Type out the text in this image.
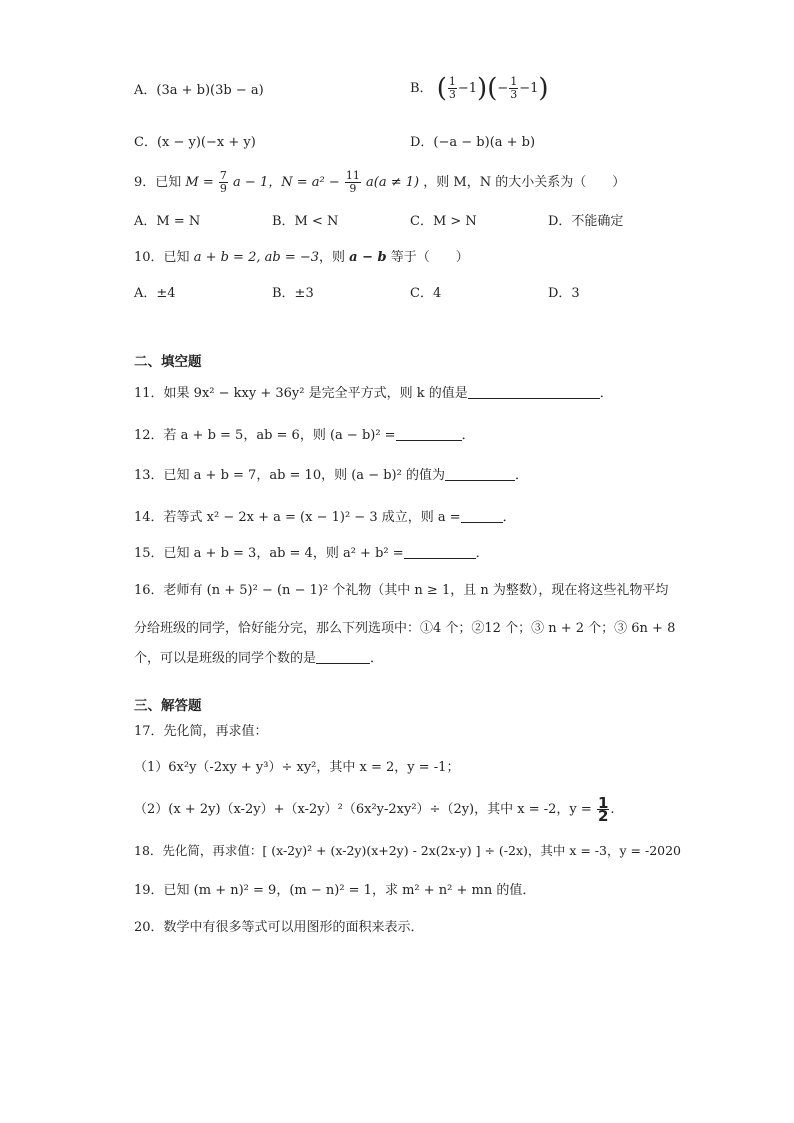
A．(3a + b)(3b − a)	B． ( $\frac{1}{3} -1)(- \frac{1}{3} -1)$
C．(x − y)(−x + y)	D．(−a − b)(a + b)
9．已知 $M = \frac{7}{9}$ a − 1，$N = a^2 - \frac{11}{9} a(a \ne 1)$ ，则 M，N 的大小关系为（　　）
A．M = N	B．M < N	C．M > N	D．不能确定
10．已知 a + b = 2, ab = −3，则 a − b 等于（　　）
A．±4	B．±3	C．4	D．3
二、填空题
11．如果 9x² − kxy + 36y² 是完全平方式，则 k 的值是	．
12．若 a + b = 5，ab = 6，则 (a − b)² =	．
13．已知 a + b = 7，ab = 10，则 (a − b)² 的值为	．
14．若等式 x² − 2x + a = (x − 1)² − 3 成立，则 a =	．
15．已知 a + b = 3，ab = 4，则 a² + b² =	．
16．老师有 (n + 5)² − (n − 1)² 个礼物（其中 n ≥ 1，且 n 为整数），现在将这些礼物平均
分给班级的同学，恰好能分完，那么下列选项中：①4 个；②12 个；③ n + 2 个；③ 6n + 8
个，可以是班级的同学个数的是	．
三、解答题
17．先化简，再求值：
（1）6x²y（-2xy + y³）÷ xy²，其中 x = 2，y = -1；
（2）(x + 2y)（x-2y）+（x-2y）²（6x²y-2xy²）÷（2y)，其中 x = -2，$y = \frac{1}{2}$ .
18．先化简，再求值：[ (x-2y)² + (x-2y)(x+2y) - 2x(2x-y) ] ÷ (-2x)，其中 x = -3，y = -2020
19．已知 (m + n)² = 9，(m − n)² = 1，求 m² + n² + mn 的值．
20．数学中有很多等式可以用图形的面积来表示．
